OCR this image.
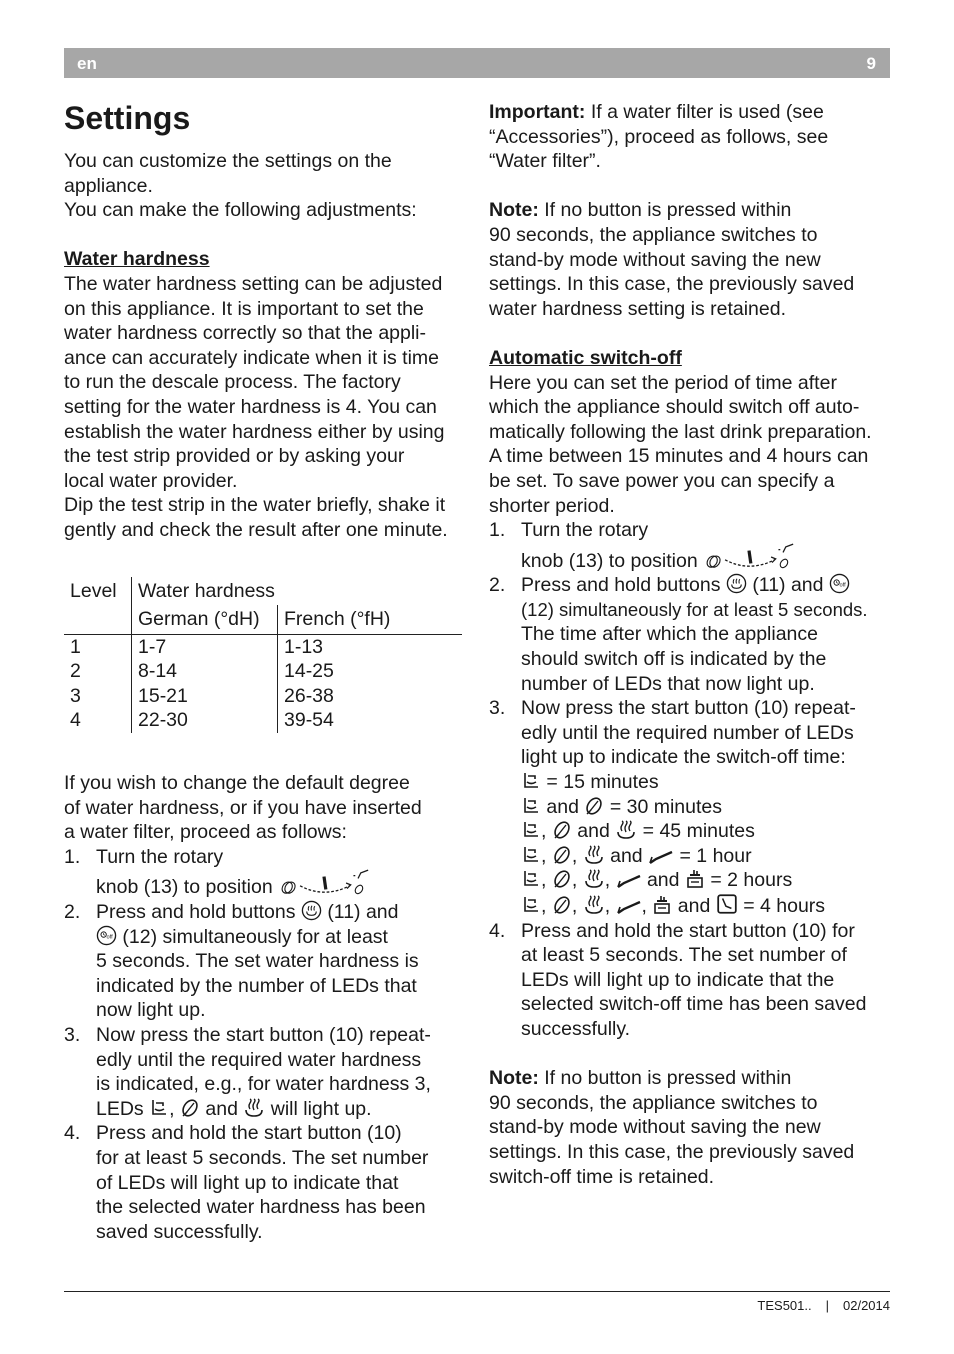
en	9
Settings

You can customize the settings on the
appliance.
You can make the following adjustments:

Water hardness

The water hardness setting can be adjusted
on this appliance. It is important to set the
water hardness correctly so that the appli-
ance can accurately indicate when it is time
to run the descale process. The factory
setting for the water hardness is 4. You can
establish the water hardness either by using
the test strip provided or by asking your
local water provider.
Dip the test strip in the water briefly, shake it
gently and check the result after one minute.

Level	Water hardness	
	German (°dH)	French (°fH)
1	1-7	1-13
2	8-14	14-25
3	15-21	26-38
4	22-30	39-54

If you wish to change the default degree
of water hardness, or if you have inserted
a water filter, proceed as follows:

1. Turn the rotary
knob (13) to position
2. Press and hold buttons (11) and
(12) simultaneously for at least
5 seconds. The set water hardness is
indicated by the number of LEDs that
now light up.
3. Now press the start button (10) repeat-
edly until the required water hardness
is indicated, e.g., for water hardness 3,
LEDs , and will light up.
4. Press and hold the start button (10)
for at least 5 seconds. The set number
of LEDs will light up to indicate that
the selected water hardness has been
saved successfully.

Important: If a water filter is used (see
“Accessories”), proceed as follows, see
“Water filter”.

Note: If no button is pressed within
90 seconds, the appliance switches to
stand-by mode without saving the new
settings. In this case, the previously saved
water hardness setting is retained.

Automatic switch-off

Here you can set the period of time after
which the appliance should switch off auto-
matically following the last drink preparation.
A time between 15 minutes and 4 hours can
be set. To save power you can specify a
shorter period.

1. Turn the rotary
knob (13) to position
2. Press and hold buttons (11) and
(12) simultaneously for at least 5 seconds.
The time after which the appliance
should switch off is indicated by the
number of LEDs that now light up.
3. Now press the start button (10) repeat-
edly until the required number of LEDs
light up to indicate the switch-off time:
= 15 minutes
and = 30 minutes
, and = 45 minutes
, , and = 1 hour
, , , and = 2 hours
, , , , and = 4 hours
4. Press and hold the start button (10) for
at least 5 seconds. The set number of
LEDs will light up to indicate that the
selected switch-off time has been saved
successfully.

Note: If no button is pressed within
90 seconds, the appliance switches to
stand-by mode without saving the new
settings. In this case, the previously saved
switch-off time is retained.

TES501.. | 02/2014
